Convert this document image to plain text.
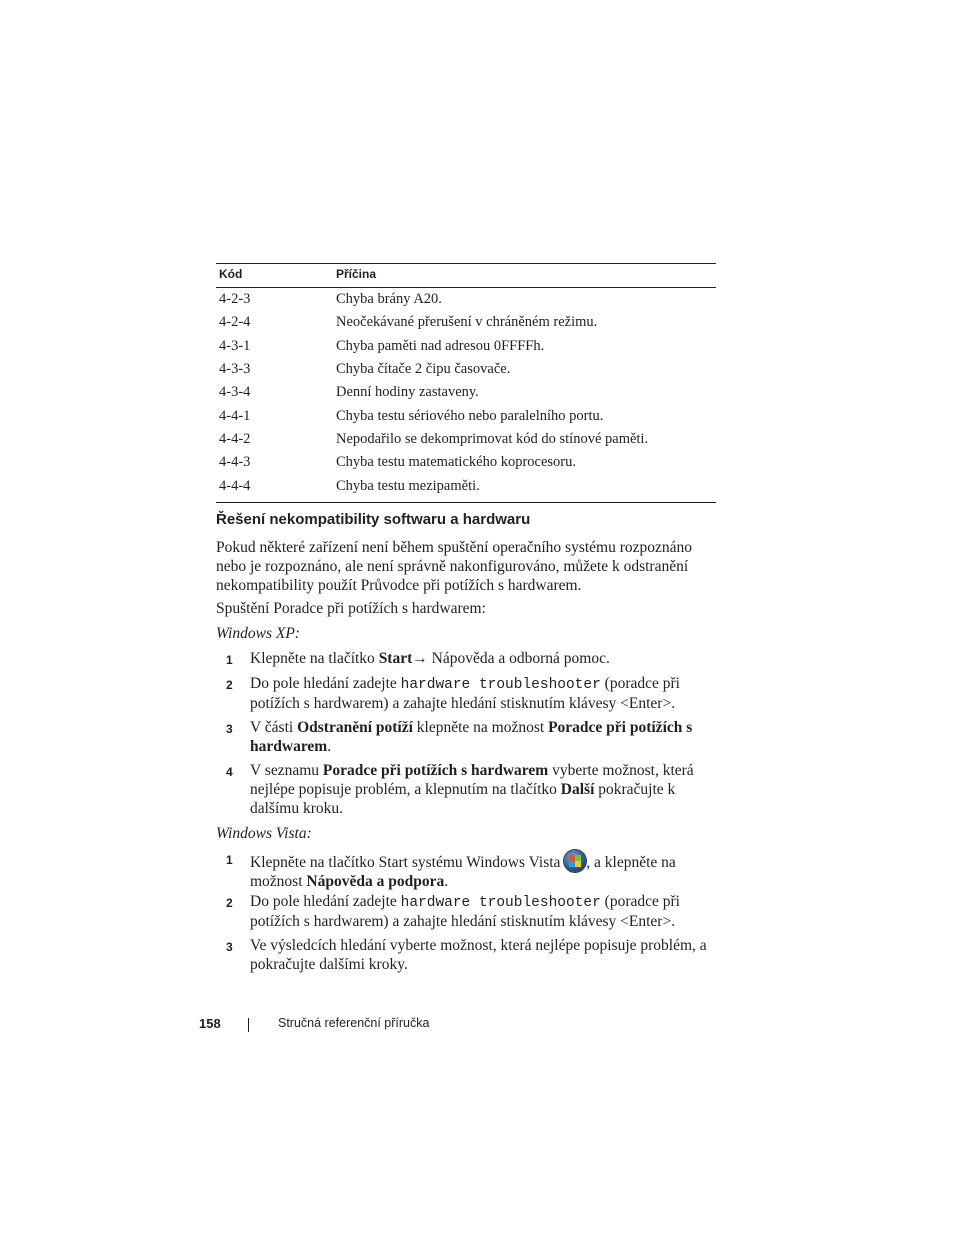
Kód	Příčina
4-2-3	Chyba brány A20.
4-2-4	Neočekávané přerušení v chráněném režimu.
4-3-1	Chyba paměti nad adresou 0FFFFh.
4-3-3	Chyba čítače 2 čipu časovače.
4-3-4	Denní hodiny zastaveny.
4-4-1	Chyba testu sériového nebo paralelního portu.
4-4-2	Nepodařilo se dekomprimovat kód do stínové paměti.
4-4-3	Chyba testu matematického koprocesoru.
4-4-4	Chyba testu mezipaměti.
Řešení nekompatibility softwaru a hardwaru

Pokud některé zařízení není během spuštění operačního systému rozpoznáno nebo je rozpoznáno, ale není správně nakonfigurováno, můžete k odstranění nekompatibility použít Průvodce při potížích s hardwarem.

Spuštění Poradce při potížích s hardwarem:

Windows XP:

1 Klepněte na tlačítko Start→ Nápověda a odborná pomoc.
2 Do pole hledání zadejte hardware troubleshooter (poradce při potížích s hardwarem) a zahajte hledání stisknutím klávesy <Enter>.
3 V části Odstranění potíží klepněte na možnost Poradce při potížích s hardwarem.
4 V seznamu Poradce při potížích s hardwarem vyberte možnost, která nejlépe popisuje problém, a klepnutím na tlačítko Další pokračujte k dalšímu kroku.

Windows Vista:

1 Klepněte na tlačítko Start systému Windows Vista
, a klepněte na možnost Nápověda a podpora.
2 Do pole hledání zadejte hardware troubleshooter (poradce při potížích s hardwarem) a zahajte hledání stisknutím klávesy <Enter>.
3 Ve výsledcích hledání vyberte možnost, která nejlépe popisuje problém, a pokračujte dalšími kroky.
158	Stručná referenční příručka
